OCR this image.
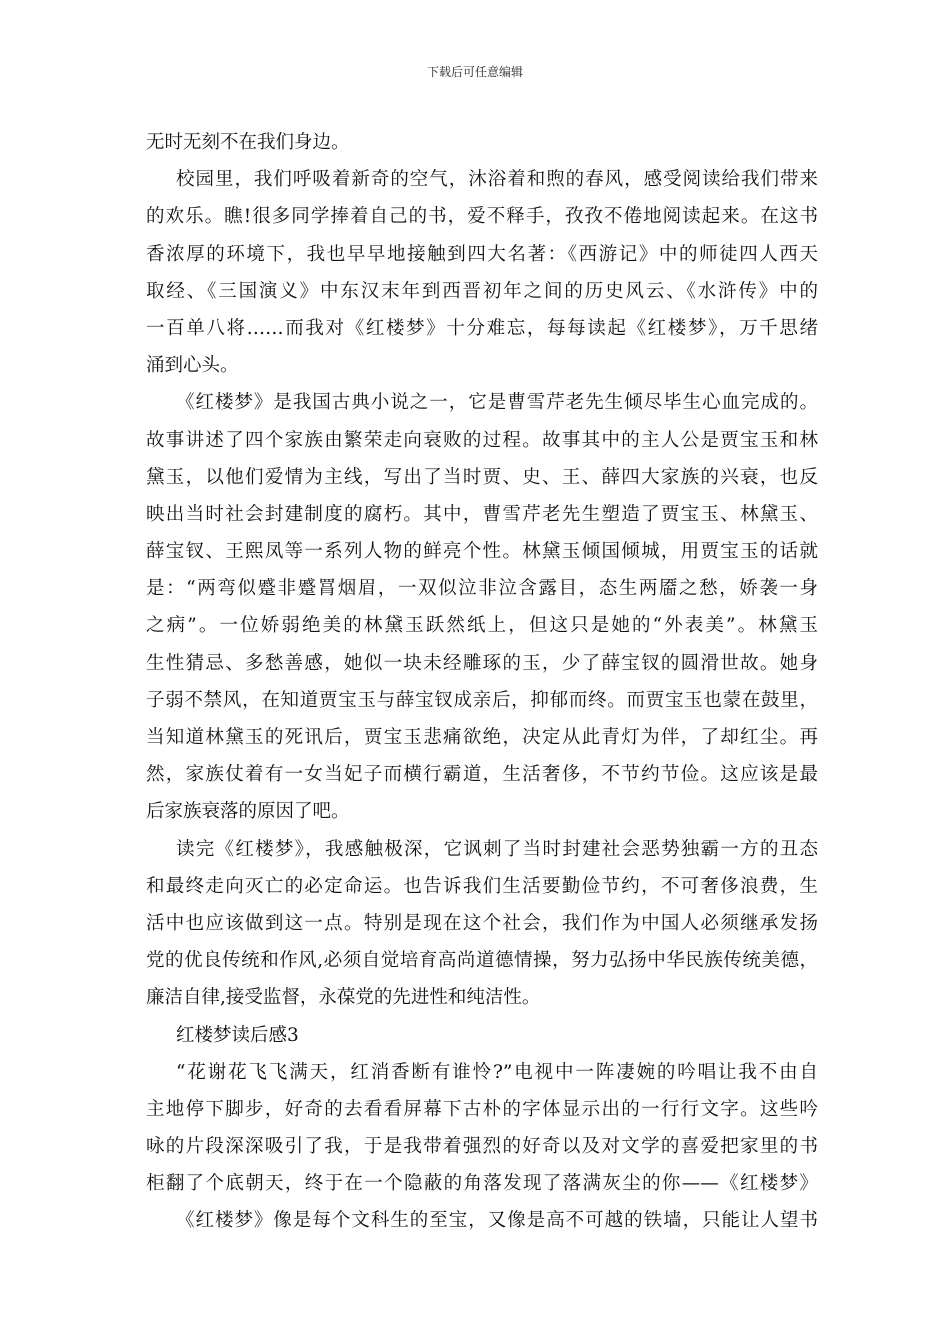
下载后可任意编辑
无时无刻不在我们身边。
校园里，我们呼吸着新奇的空气，沐浴着和煦的春风，感受阅读给我们带来
的欢乐。瞧!很多同学捧着自己的书，爱不释手，孜孜不倦地阅读起来。在这书
香浓厚的环境下，我也早早地接触到四大名著：《西游记》中的师徒四人西天
取经、《三国演义》中东汉末年到西晋初年之间的历史风云、《水浒传》中的
一百单八将……而我对《红楼梦》十分难忘，每每读起《红楼梦》，万千思绪
涌到心头。
《红楼梦》是我国古典小说之一，它是曹雪芹老先生倾尽毕生心血完成的。
故事讲述了四个家族由繁荣走向衰败的过程。故事其中的主人公是贾宝玉和林
黛玉，以他们爱情为主线，写出了当时贾、史、王、薛四大家族的兴衰，也反
映出当时社会封建制度的腐朽。其中，曹雪芹老先生塑造了贾宝玉、林黛玉、
薛宝钗、王熙凤等一系列人物的鲜亮个性。林黛玉倾国倾城，用贾宝玉的话就
是：“两弯似蹙非蹙罥烟眉，一双似泣非泣含露目，态生两靥之愁，娇袭一身
之病”。一位娇弱绝美的林黛玉跃然纸上，但这只是她的“外表美”。林黛玉
生性猜忌、多愁善感，她似一块未经雕琢的玉，少了薛宝钗的圆滑世故。她身
子弱不禁风，在知道贾宝玉与薛宝钗成亲后，抑郁而终。而贾宝玉也蒙在鼓里，
当知道林黛玉的死讯后，贾宝玉悲痛欲绝，决定从此青灯为伴，了却红尘。再
然，家族仗着有一女当妃子而横行霸道，生活奢侈，不节约节俭。这应该是最
后家族衰落的原因了吧。
读完《红楼梦》，我感触极深，它讽刺了当时封建社会恶势独霸一方的丑态
和最终走向灭亡的必定命运。也告诉我们生活要勤俭节约，不可奢侈浪费，生
活中也应该做到这一点。特别是现在这个社会，我们作为中国人必须继承发扬
党的优良传统和作风,必须自觉培育高尚道德情操，努力弘扬中华民族传统美德，
廉洁自律,接受监督，永葆党的先进性和纯洁性。
红楼梦读后感3
“花谢花飞飞满天，红消香断有谁怜?”电视中一阵凄婉的吟唱让我不由自
主地停下脚步，好奇的去看看屏幕下古朴的字体显示出的一行行文字。这些吟
咏的片段深深吸引了我，于是我带着强烈的好奇以及对文学的喜爱把家里的书
柜翻了个底朝天，终于在一个隐蔽的角落发现了落满灰尘的你——《红楼梦》
《红楼梦》像是每个文科生的至宝，又像是高不可越的铁墙，只能让人望书
